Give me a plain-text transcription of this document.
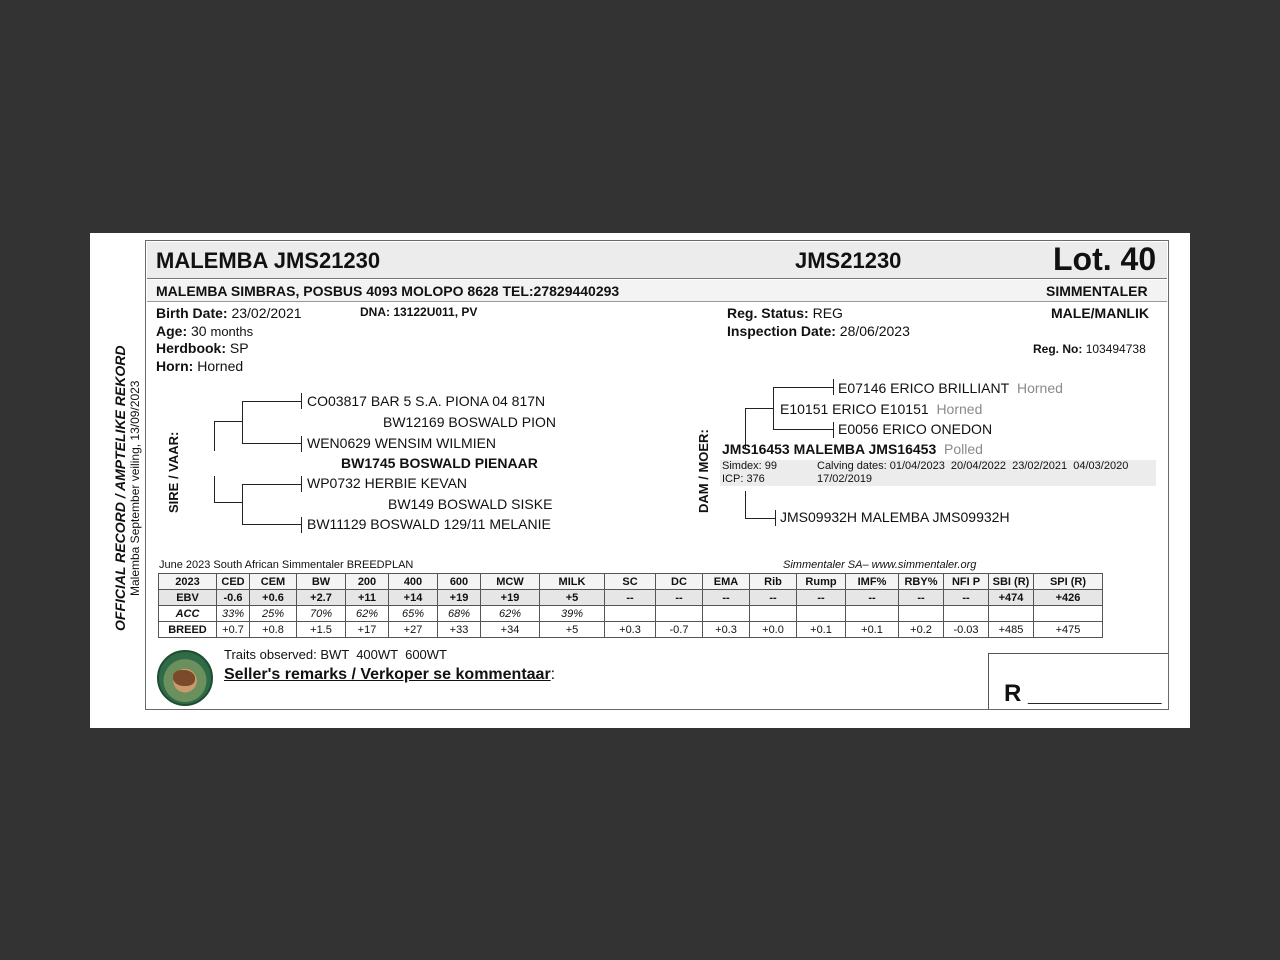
OFFICIAL RECORD / AMPTELIKE REKORD Malemba September veiling, 13/09/2023
MALEMBA JMS21230	JMS21230	Lot. 40
MALEMBA SIMBRAS, POSBUS 4093 MOLOPO 8628 TEL:27829440293	SIMMENTALER
Birth Date: 23/02/2021	DNA: 13122U011, PV
Age: 30 months
Herdbook: SP
Horn: Horned
Reg. Status: REG
Inspection Date: 28/06/2023
MALE/MANLIK
Reg. No: 103494738
SIRE / VAAR:
CO03817 BAR 5 S.A. PIONA 04 817N
BW12169 BOSWALD PION
WEN0629 WENSIM WILMIEN
BW1745 BOSWALD PIENAAR
WP0732 HERBIE KEVAN
BW149 BOSWALD SISKE
BW11129 BOSWALD 129/11 MELANIE
DAM / MOER:
E07146 ERICO BRILLIANT Horned
E10151 ERICO E10151 Horned
E0056 ERICO ONEDON
JMS16453 MALEMBA JMS16453 Polled
Simdex: 99
ICP: 376
Calving dates: 01/04/2023  20/04/2022  23/02/2021  04/03/2020
17/02/2019
JMS09932H MALEMBA JMS09932H
June 2023 South African Simmentaler BREEDPLAN	Simmentaler SA– www.simmentaler.org
2023	CED	CEM	BW	200	400	600	MCW	MILK	SC	DC	EMA	Rib	Rump	IMF%	RBY%	NFI P	SBI (R)	SPI (R)
EBV	-0.6	+0.6	+2.7	+11	+14	+19	+19	+5	--	--	--	--	--	--	--	--	+474	+426
ACC	33%	25%	70%	62%	65%	68%	62%	39%										
BREED	+0.7	+0.8	+1.5	+17	+27	+33	+34	+5	+0.3	-0.7	+0.3	+0.0	+0.1	+0.1	+0.2	-0.03	+485	+475
Traits observed: BWT  400WT  600WT
Seller's remarks / Verkoper se kommentaar:
R __________
